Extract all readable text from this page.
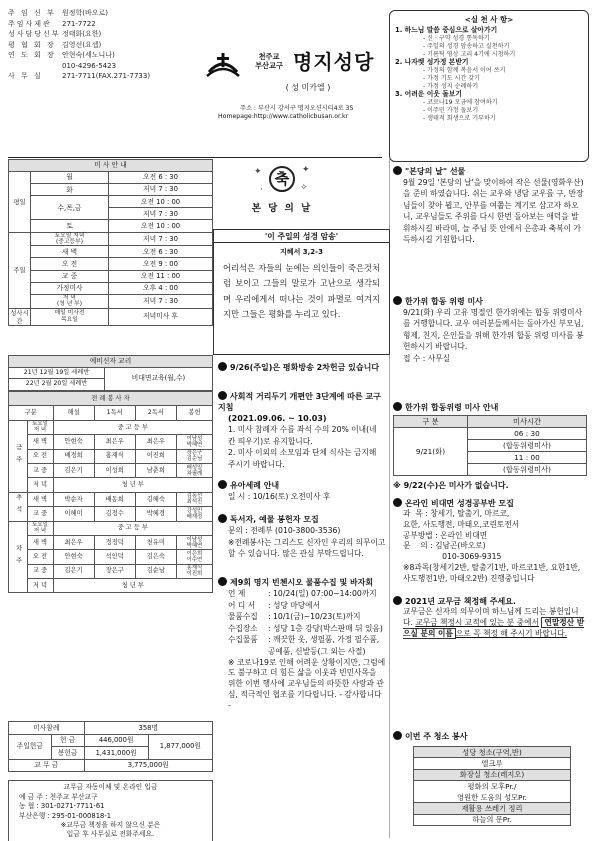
주 임 신 부 원정학(바오로)
주임사제관	271-7722
성사담당신부 정태화(요한)
평 협 회 장 김영선(요셉)
연 도 회 장 안현숙(세노니나)
010-4296-5423
사 무 실	271-7711(FAX.271-7733)
천주교
부산교구 명지성당
( 성 미카엘 )
주소 : 부산시 강서구 명지오션시티4로 35
Homepage:http://www.catholicbusan.or.kr
<실 천 사 항>
1. 하느님 말씀 중심으로 살아가기
- 신 · 구약 성경 통독하기
- 주일의 성경 암송하고 실천하기
- 기름틱 영상 고리 4기에 시청하기
2. 나자렛 성가정 본받기
- 가정의 함께 복음서 이어 쓰기
- 가정 기도 시간 갖기
- 가정 성지 순례하기
3. 어려운 이웃 돌보기
- 코로나19 모금에 참여하기
- 이주민 가정 돌보기
- 생태적 회생으로 기부하기
미 사 안 내		
평일	월	오전 6 : 30
	화	저녁 7 : 30
	수,목,금	오전 10 : 00
		저녁 7 : 30
	토	오전 10 : 00
주일	토요일 저녁
(중고등부)	저녁 7 : 30
	새 벽	오전 6 : 30
	오 전	오전 9 : 00
	교 중	오전 11 : 00
	가정미사	오후 4 : 00
	저 녁
(청 년 부)	저녁 7 : 30
성사시간	매일 미사전
목요일	저녁미사 후
예비신자 교리
21년 12월 19일 세례반	비대면교육(월,수)
22년 2월 20일 세례반
전 례 봉 사 자					
구분		해설	1독서	2독서	봉헌
금주	토요일
저 녁	중 고 등 부			
	새 벽	안현숙	최은우	최은우	이남성
박혜연
	오 전	배경희	홍재식	이진희	장은구
김순님
	교 중	김은기	이성희	남춘희	배성일
차필례
	저 녁	청 년 부			
추석	새 벽	박순자	배동희	김혜숙	김동선
최석진
	교 중	이혜미	김정수	박혜경	강성민
배재정
차주	토요일
저 녁	중 고 등 부			
	새 벽	최은우	정정덕	천유미	이남성
박혜연
	오 전	안현숙	석인덕	김은숙	이은희
이수연
	교 중	김은기	장은구	김순남	홍재식
이진희
	저 녁	청 년 부			
미사참례		358명	
주일헌금	헌 금	446,000원	1,877,000원
	봉헌금	1,431,000원	
교 무 금		3,775,000원	
교무금 자동이체 및 온라인 입금
예 금 주 : 천주교 부산교구
농 협 : 301-0271-7711-61
부산은행 : 295-01-000818-1
※교무금 책정을 하지 않으신 분은
입금 후 사무실로 전화주세요.
✦	✦
·	✧
축
본 당 의 날
'이 주일의 성경 암송'
지혜서 3,2-3
어리석은 자들의 눈에는 의인들이 죽은것처럼 보이고 그들의 말로가 고난으로 생각되며 우리에게서 떠나는 것이 파멸로 여겨지지만 그들은 평화를 누리고 있다.
9/26(주일)은 평화방송 2차헌금 있습니다
사회적 거리두기 개편안 3단계에 따른 교구지침
(2021.09.06. ~ 10.03)
1. 미사 참례자 수를 좌석 수의 20% 이내(네 칸 띄우기)로 유지합니다.
2. 미사 이외의 소모임과 단체 식사는 금지해 주시기 바랍니다.
유아세례 안내
일 시 : 10/16(토) 오전미사 후
독서자, 예물 봉헌자 모집
문의 : 전례부 (010-3800-3536)
※전례봉사는 그리스도 신자인 우리의 의무이고 할 수 있습니다. 많은 관심 부탁드립니다.
제9회 명지 빈첸시오 물품수집 및 바자회
언 제	: 10/24(일) 07:00~14:00까지
어 디 서	: 성당 마당에서
물품수집	: 10/1(금)~10/23(토)까지
수집장소	: 성당 1층 강당(박스판매 뒤 있음)
수집물품	: 깨끗한 옷, 생필품, 가정 필수품, 공예품, 신발등(그 외는 사절)
※ 코로나19로 인해 어려운 상황이지만, 그럼에도 불구하고 더 힘든 삶을 이웃과 빈민사목을 위한 이번 행사에 교우님들의 따뜻한 사랑과 관심, 적극적인 협조를 기다립니다. - 감사합니다 -
"본당의 날" 선물
9월 29일 '본당의 날'을 맞이하여 작은 선물(영화우산)을 준비 하였습니다. 쉬는 교우와 냉담 교우를 구, 반장님들이 찾아 뵙고, 안부를 여쭙는 계기로 삼고자 하오니, 교우님들도 주위를 다시 한번 돌아보는 애덕을 발휘하시길 바라며, 늘 주님 뜻 안에서 은총과 축복이 가득하시길 기원합니다.
한가위 합동 위령 미사
9/21(화) 우리 고유 명절인 한가위에는 합동 위령미사를 거행합니다. 교우 여러분들께서는 돌아가신 부모님, 형제, 친지, 은인들을 위해 한가위 합동 위령 미사를 봉헌하시기 바랍니다.
접 수 : 사무실
한가위 합동위령 미사 안내
구 분	미사시간
9/21(화)	06 : 30
	(합동위령미사)
	11 : 00
	(합동위령미사)
※ 9/22(수)은 미사가 없습니다.
온라인 비대면 성경공부반 모집
과  목 : 창세기, 탈출기, 마르코,
요한, 사도행전, 마태오,코린토전서
공부방법 : 온라인 비대면
문    의 : 김남곤(바오로)
010-3069-9315
※8과목(창세기2반, 탈출기1반, 마르코1반, 요한1반, 사도행전1반, 마태오2반) 진행중입니다
2021년 교무금 책정해 주세요.
교무금은 신자의 의무이며 하느님께 드리는 봉헌입니다. 교무금 책정시 교적에 있는 분 중에서 연말정산 받으실 분의 이름 으로 꼭 책정 해 주시기 바랍니다.
이번 주 청소 봉사
성당 청소(구역,반)
엘크루
화장실 청소(레지오)
평화의 모후Pr./
영원한 도움의 성모Pr.
재활용 쓰레기 정리
하늘의 문Pr.
